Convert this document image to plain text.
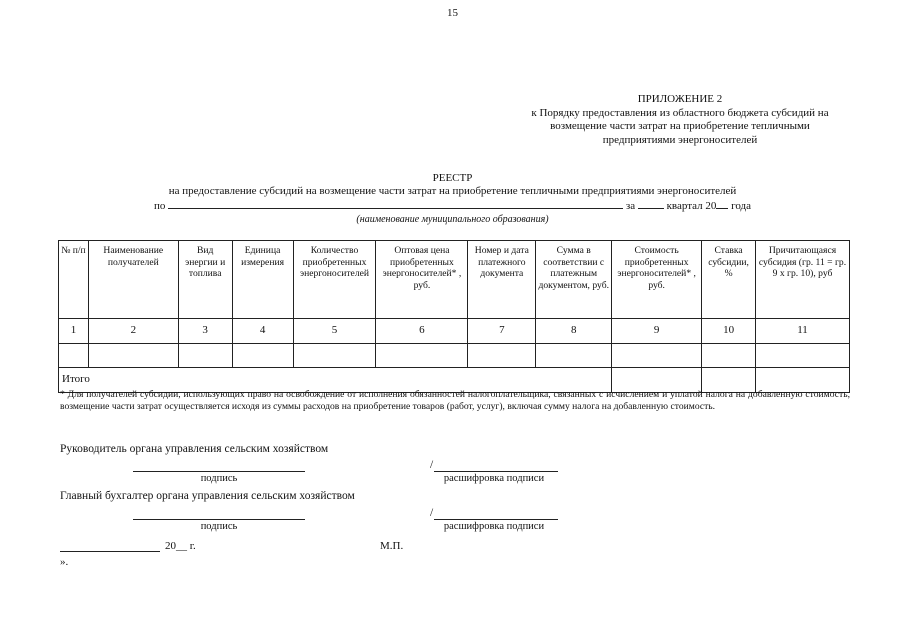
15
ПРИЛОЖЕНИЕ 2
к Порядку предоставления из областного бюджета субсидий на
возмещение части затрат на приобретение тепличными
предприятиями энергоносителей
РЕЕСТР
на предоставление субсидий на возмещение части затрат на приобретение тепличными предприятиями энергоносителей
по	за	квартал 20 года
(наименование муниципального образования)
№ п/п	Наименование получателей	Вид энергии и топлива	Единица измерения	Количество приобретенных энергоносителей	Оптовая цена приобретенных энергоносителей* , руб.	Номер и дата платежного документа	Сумма в соответствии с платежным документом, руб.	Стоимость приобретенных энергоносителей* , руб.	Ставка субсидии, %	Причитающаяся субсидия (гр. 11 = гр. 9 х гр. 10), руб
1	2	3	4	5	6	7	8	9	10	11

Итого										
* Для получателей субсидии, использующих право на освобождение от исполнения обязанностей налогоплательщика, связанных с исчислением и уплатой налога на добавленную стоимость, возмещение части затрат осуществляется исходя из суммы расходов на приобретение товаров (работ, услуг), включая сумму налога на добавленную стоимость.
Руководитель органа управления сельским хозяйством
подпись
/
расшифровка подписи
Главный бухгалтер органа управления сельским хозяйством
подпись
/
расшифровка подписи
20__ г.	М.П.
».
